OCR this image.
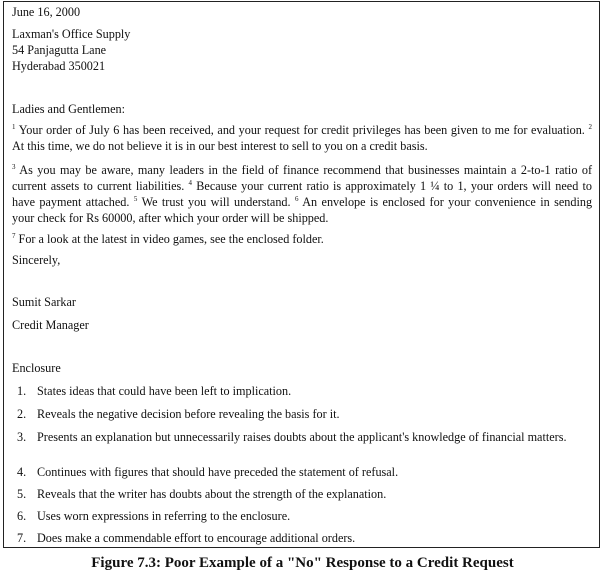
June 16, 2000
Laxman's Office Supply
54 Panjagutta Lane
Hyderabad 350021
Ladies and Gentlemen:
$^1$ Your order of July 6 has been received, and your request for credit privileges has been given to me for evaluation. $^2$ At this time, we do not believe it is in our best interest to sell to you on a credit basis.
$^3$ As you may be aware, many leaders in the field of finance recommend that businesses maintain a 2-to-1 ratio of current assets to current liabilities. $^4$ Because your current ratio is approximately 1 ¼ to 1, your orders will need to have payment attached. $^5$ We trust you will understand. $^6$ An envelope is enclosed for your convenience in sending your check for Rs 60000, after which your order will be shipped.
$^7$ For a look at the latest in video games, see the enclosed folder.
Sincerely,
Sumit Sarkar
Credit Manager
Enclosure
1. States ideas that could have been left to implication.
2. Reveals the negative decision before revealing the basis for it.
3. Presents an explanation but unnecessarily raises doubts about the applicant's knowledge of financial matters.
4. Continues with figures that should have preceded the statement of refusal.
5. Reveals that the writer has doubts about the strength of the explanation.
6. Uses worn expressions in referring to the enclosure.
7. Does make a commendable effort to encourage additional orders.
Figure 7.3: Poor Example of a "No" Response to a Credit Request
